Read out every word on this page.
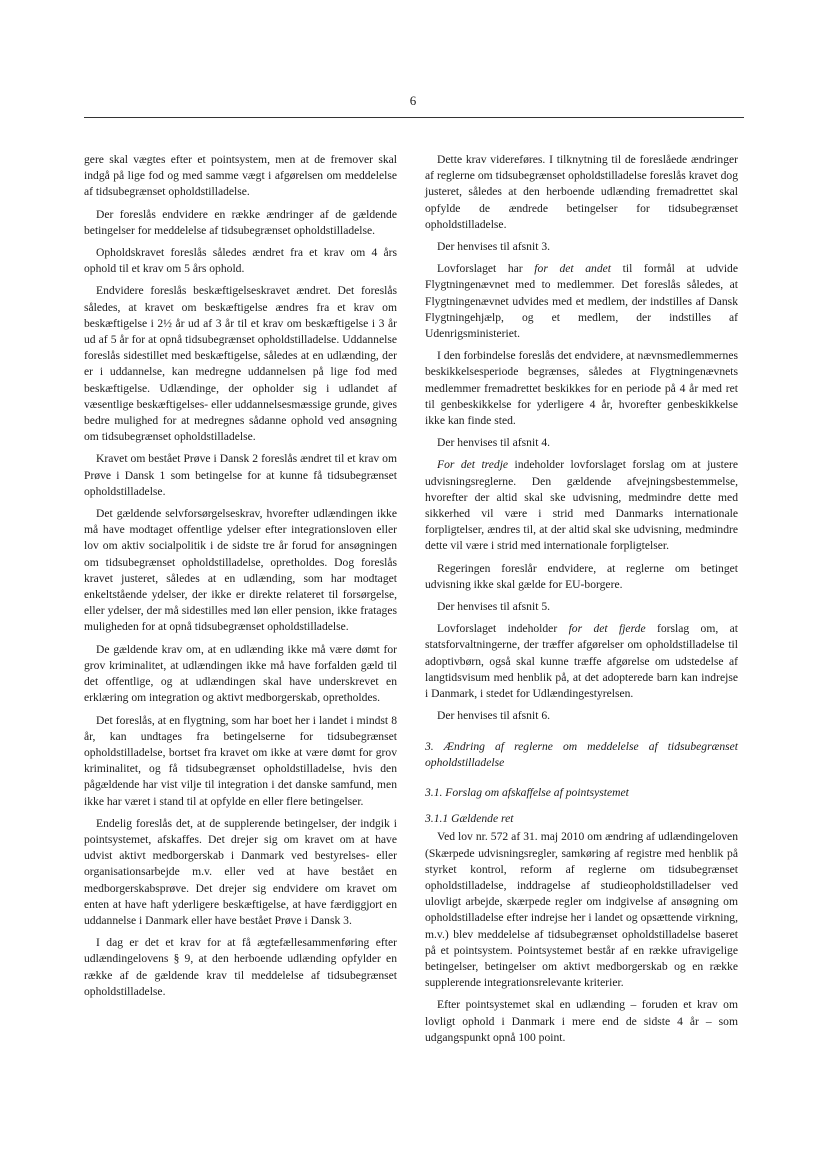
6

gere skal vægtes efter et pointsystem, men at de fremover skal indgå på lige fod og med samme vægt i afgørelsen om meddelelse af tidsubegrænset opholdstilladelse.

Der foreslås endvidere en række ændringer af de gældende betingelser for meddelelse af tidsubegrænset opholdstilladelse.

Opholdskravet foreslås således ændret fra et krav om 4 års ophold til et krav om 5 års ophold.

Endvidere foreslås beskæftigelseskravet ændret. Det foreslås således, at kravet om beskæftigelse ændres fra et krav om beskæftigelse i 2½ år ud af 3 år til et krav om beskæftigelse i 3 år ud af 5 år for at opnå tidsubegrænset opholdstilladelse. Uddannelse foreslås sidestillet med beskæftigelse, således at en udlænding, der er i uddannelse, kan medregne uddannelsen på lige fod med beskæftigelse. Udlændinge, der opholder sig i udlandet af væsentlige beskæftigelses- eller uddannelsesmæssige grunde, gives bedre mulighed for at medregnes sådanne ophold ved ansøgning om tidsubegrænset opholdstilladelse.

Kravet om bestået Prøve i Dansk 2 foreslås ændret til et krav om Prøve i Dansk 1 som betingelse for at kunne få tidsubegrænset opholdstilladelse.

Det gældende selvforsørgelseskrav, hvorefter udlændingen ikke må have modtaget offentlige ydelser efter integrationsloven eller lov om aktiv socialpolitik i de sidste tre år forud for ansøgningen om tidsubegrænset opholdstilladelse, opretholdes. Dog foreslås kravet justeret, således at en udlænding, som har modtaget enkeltstående ydelser, der ikke er direkte relateret til forsørgelse, eller ydelser, der må sidestilles med løn eller pension, ikke fratages muligheden for at opnå tidsubegrænset opholdstilladelse.

De gældende krav om, at en udlænding ikke må være dømt for grov kriminalitet, at udlændingen ikke må have forfalden gæld til det offentlige, og at udlændingen skal have underskrevet en erklæring om integration og aktivt medborgerskab, opretholdes.

Det foreslås, at en flygtning, som har boet her i landet i mindst 8 år, kan undtages fra betingelserne for tidsubegrænset opholdstilladelse, bortset fra kravet om ikke at være dømt for grov kriminalitet, og få tidsubegrænset opholdstilladelse, hvis den pågældende har vist vilje til integration i det danske samfund, men ikke har været i stand til at opfylde en eller flere betingelser.

Endelig foreslås det, at de supplerende betingelser, der indgik i pointsystemet, afskaffes. Det drejer sig om kravet om at have udvist aktivt medborgerskab i Danmark ved bestyrelses- eller organisationsarbejde m.v. eller ved at have bestået en medborgerskabsprøve. Det drejer sig endvidere om kravet om enten at have haft yderligere beskæftigelse, at have færdiggjort en uddannelse i Danmark eller have bestået Prøve i Dansk 3.

I dag er det et krav for at få ægtefællesammenføring efter udlændingelovens § 9, at den herboende udlænding opfylder en række af de gældende krav til meddelelse af tidsubegrænset opholdstilladelse.

Dette krav videreføres. I tilknytning til de foreslåede ændringer af reglerne om tidsubegrænset opholdstilladelse foreslås kravet dog justeret, således at den herboende udlænding fremadrettet skal opfylde de ændrede betingelser for tidsubegrænset opholdstilladelse.

Der henvises til afsnit 3.

Lovforslaget har for det andet til formål at udvide Flygtningenævnet med to medlemmer. Det foreslås således, at Flygtningenævnet udvides med et medlem, der indstilles af Dansk Flygtningehjælp, og et medlem, der indstilles af Udenrigsministeriet.

I den forbindelse foreslås det endvidere, at nævnsmedlemmernes beskikkelsesperiode begrænses, således at Flygtningenævnets medlemmer fremadrettet beskikkes for en periode på 4 år med ret til genbeskikkelse for yderligere 4 år, hvorefter genbeskikkelse ikke kan finde sted.

Der henvises til afsnit 4.

For det tredje indeholder lovforslaget forslag om at justere udvisningsreglerne. Den gældende afvejningsbestemmelse, hvorefter der altid skal ske udvisning, medmindre dette med sikkerhed vil være i strid med Danmarks internationale forpligtelser, ændres til, at der altid skal ske udvisning, medmindre dette vil være i strid med internationale forpligtelser.

Regeringen foreslår endvidere, at reglerne om betinget udvisning ikke skal gælde for EU-borgere.

Der henvises til afsnit 5.

Lovforslaget indeholder for det fjerde forslag om, at statsforvaltningerne, der træffer afgørelser om opholdstilladelse til adoptivbørn, også skal kunne træffe afgørelse om udstedelse af langtidsvisum med henblik på, at det adopterede barn kan indrejse i Danmark, i stedet for Udlændingestyrelsen.

Der henvises til afsnit 6.

3. Ændring af reglerne om meddelelse af tidsubegrænset opholdstilladelse
3.1. Forslag om afskaffelse af pointsystemet
3.1.1 Gældende ret

Ved lov nr. 572 af 31. maj 2010 om ændring af udlændingeloven (Skærpede udvisningsregler, samkøring af registre med henblik på styrket kontrol, reform af reglerne om tidsubegrænset opholdstilladelse, inddragelse af studieopholdstilladelser ved ulovligt arbejde, skærpede regler om indgivelse af ansøgning om opholdstilladelse efter indrejse her i landet og opsættende virkning, m.v.) blev meddelelse af tidsubegrænset opholdstilladelse baseret på et pointsystem. Pointsystemet består af en række ufravigelige betingelser, betingelser om aktivt medborgerskab og en række supplerende integrationsrelevante kriterier.

Efter pointsystemet skal en udlænding – foruden et krav om lovligt ophold i Danmark i mere end de sidste 4 år – som udgangspunkt opnå 100 point.
